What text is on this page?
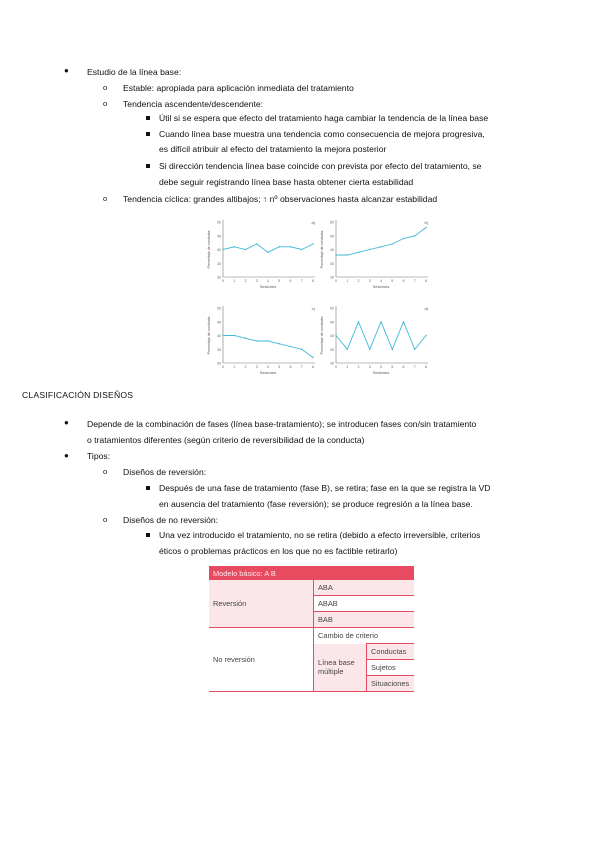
● Estudio de la línea base:
o Estable: apropiada para aplicación inmediata del tratamiento
o Tendencia ascendente/descendente:
Útil si se espera que efecto del tratamiento haga cambiar la tendencia de la línea base
Cuando línea base muestra una tendencia como consecuencia de mejora progresiva,
es difícil atribuir al efecto del tratamiento la mejora posterior
Si dirección tendencia línea base coincide con prevista por efecto del tratamiento, se
debe seguir registrando línea base hasta obtener cierta estabilidad
o Tendencia cíclica: grandes altibajos; ↑ nº observaciones hasta alcanzar estabilidad
50
45
40
35
30
0	1	2	3	4	5	6	7	8
Sesiones
Porcentaje de conducta
a)	50
45
40
35
30
0	1	2	3	4	5	6	7	8
Sesiones
Porcentaje de conducta
b)
50
45
40
35
30
0	1	2	3	4	5	6	7	8
Sesiones
Porcentaje de conducta
c)	50
45
40
35
30
0	1	2	3	4	5	6	7	8
Sesiones
Porcentaje de conducta
d)
CLASIFICACIÓN DISEÑOS
● Depende de la combinación de fases (línea base-tratamiento); se introducen fases con/sin tratamiento
o tratamientos diferentes (según criterio de reversibilidad de la conducta)
● Tipos:
o Diseños de reversión:
Después de una fase de tratamiento (fase B), se retira; fase en la que se registra la VD
en ausencia del tratamiento (fase reversión); se produce regresión a la línea base.
o Diseños de no reversión:
Una vez introducido el tratamiento, no se retira (debido a efecto irreversible, criterios
éticos o problemas prácticos en los que no es factible retirarlo)
Modelo básico: A B		
Reversión	ABA	
	ABAB	
	BAB	
No reversión	Cambio de criterio	
	Línea base
múltiple	Conductas
		Sujetos
		Situaciones
